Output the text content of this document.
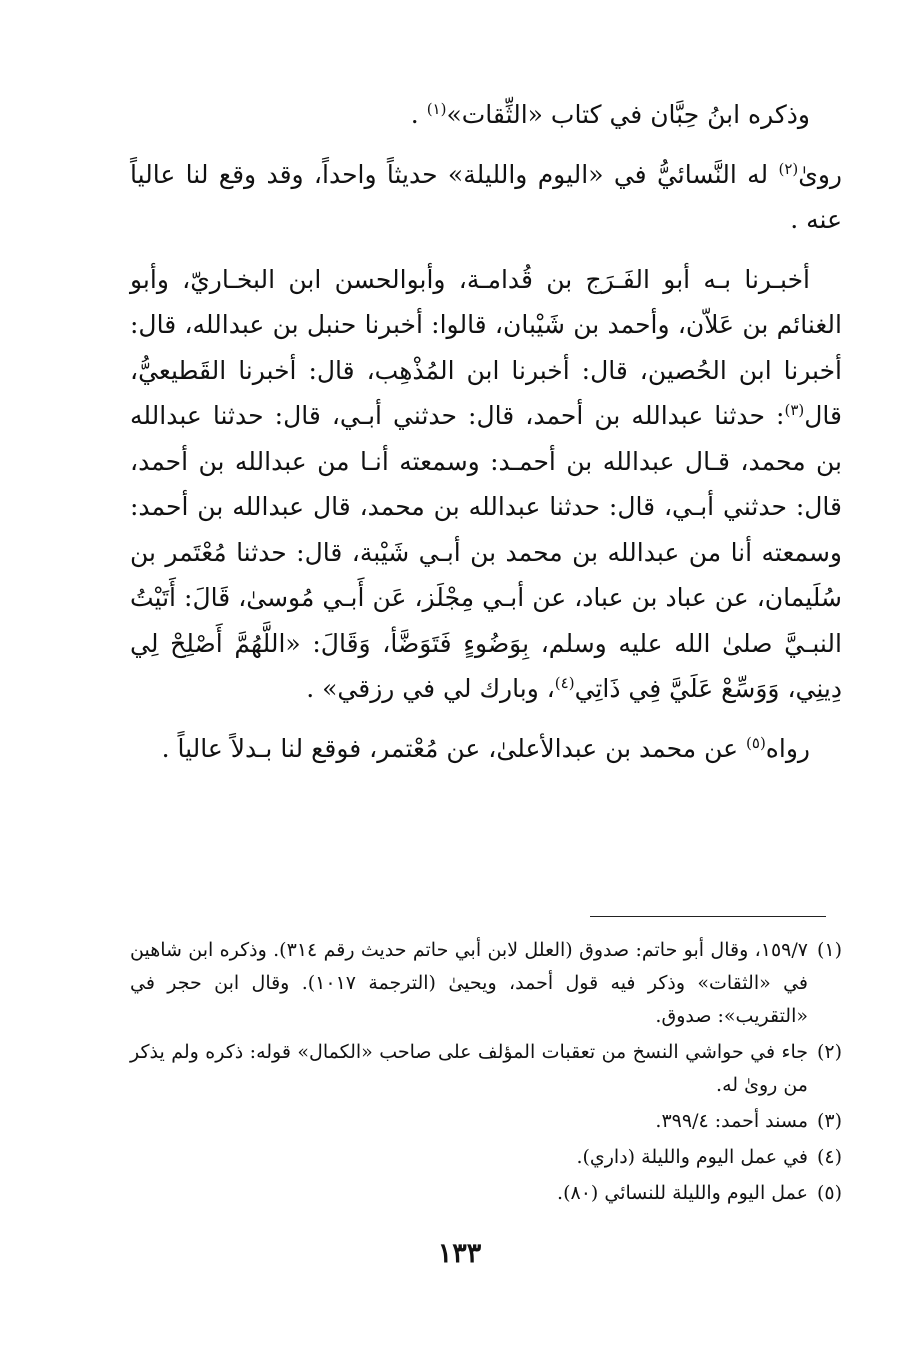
وذكره ابنُ حِبَّان في كتاب «الثِّقات»$^{(١)}$ .

روىٰ$^{(٢)}$ له النَّسائيُّ في «اليوم والليلة» حديثاً واحداً، وقد وقع لنا عالياً عنه .

أخبـرنا بـه أبو الفَـرَج بن قُدامـة، وأبوالحسن ابن البخـاريّ، وأبو الغنائم بن عَلاّن، وأحمد بن شَيْبان، قالوا: أخبرنا حنبل بن عبدالله، قال: أخبرنا ابن الحُصين، قال: أخبرنا ابن المُذْهِب، قال: أخبرنا القَطيعيُّ، قال$^{(٣)}$: حدثنا عبدالله بن أحمد، قال: حدثني أبـي، قال: حدثنا عبدالله بن محمد، قـال عبدالله بن أحمـد: وسمعته أنـا من عبدالله بن أحمد، قال: حدثني أبـي، قال: حدثنا عبدالله بن محمد، قال عبدالله بن أحمد: وسمعته أنا من عبدالله بن محمد بن أبـي شَيْبة، قال: حدثنا مُعْتَمر بن سُلَيمان، عن عباد بن عباد، عن أبـي مِجْلَز، عَن أَبـي مُوسىٰ، قَالَ: أَتَيْتُ النبـيَّ صلىٰ الله عليه وسلم، بِوَضُوءٍ فَتَوَضَّأ، وَقَالَ: «اللَّهُمَّ أَصْلِحْ لِي دِينِي، وَوَسِّعْ عَلَيَّ فِي ذَاتِي$^{(٤)}$، وبارك لي في رزقي» .

رواه$^{(٥)}$ عن محمد بن عبدالأعلىٰ، عن مُعْتمر، فوقع لنا بـدلاً عالياً .

(١)
١٥٩/٧، وقال أبو حاتم: صدوق (العلل لابن أبي حاتم حديث رقم ٣١٤). وذكره ابن شاهين في «الثقات» وذكر فيه قول أحمد، ويحيىٰ (الترجمة ١٠١٧). وقال ابن حجر في «التقريب»: صدوق.
(٢)
جاء في حواشي النسخ من تعقبات المؤلف على صاحب «الكمال» قوله: ذكره ولم يذكر من روىٰ له.
(٣)
مسند أحمد: ٣٩٩/٤.
(٤)
في عمل اليوم والليلة (داري).
(٥)
عمل اليوم والليلة للنسائي (٨٠).
١٣٣
